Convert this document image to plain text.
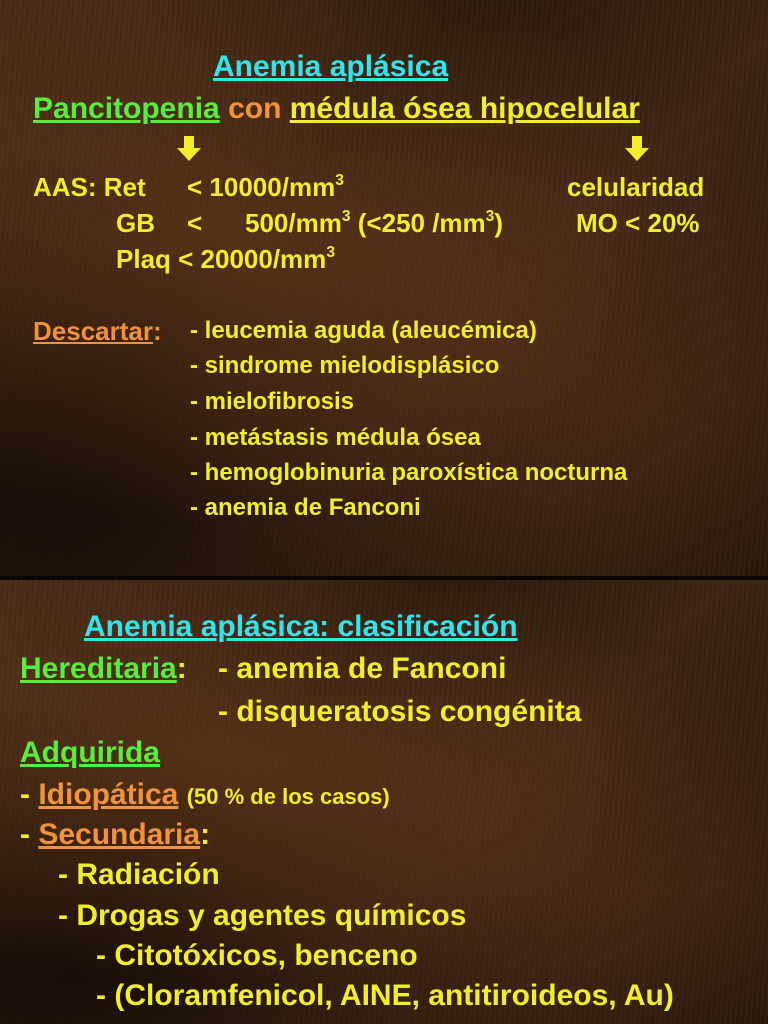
Anemia aplásica
Pancitopenia con médula ósea hipocelular
AAS: Ret < $10000/mm^3$
GB < $500/mm^3$ (<250 $/mm^3$)
Plaq < $20000/mm^3$
celularidad
MO < 20%
Descartar: - leucemia aguda (aleucémica)
- sindrome mielodisplásico
- mielofibrosis
- metástasis médula ósea
- hemoglobinuria paroxística nocturna
- anemia de Fanconi
Anemia aplásica: clasificación
Hereditaria: - anemia de Fanconi
- disqueratosis congénita
Adquirida
- Idiopática (50 % de los casos)
- Secundaria:
- Radiación
- Drogas y agentes químicos
- Citotóxicos, benceno
- (Cloramfenicol, AINE, antitiroideos, Au)
